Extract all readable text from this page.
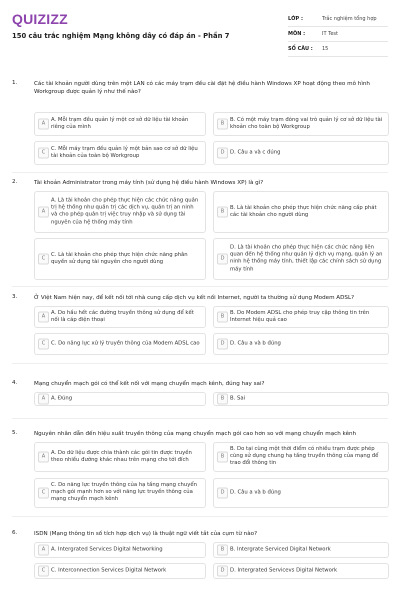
QUIZIZZ
150 câu trắc nghiệm Mạng không dây có đáp án - Phần 7
LỚP :	Trắc nghiệm tổng hợp
MÔN :	IT Test
SỐ CÂU :	15
1.	Các tài khoản người dùng trên một LAN có các máy trạm đều cài đặt hệ điều hành Windows XP hoạt động theo mô hình Workgroup được quản lý như thế nào?
A
A. Mỗi trạm đều quản lý một cơ sở dữ liệu tài khoản riêng của mình
B
B. Có một máy trạm đóng vai trò quản lý cơ sở dữ liệu tài khoản cho toàn bộ Workgroup
C
C. Mỗi máy trạm đều quản lý một bản sao cơ sở dữ liệu tài khoản của toàn bộ Workgroup
D	D. Câu a và c đúng
2.	Tài khoản Administrator trong máy tính (sử dụng hệ điều hành Windows XP) là gì?
A
A. Là tài khoản cho phép thực hiện các chức năng quản trị hệ thống như quản trị các dịch vụ, quản trị an ninh và cho phép quản trị việc truy nhập và sử dụng tài nguyên của hệ thống máy tính
B
B. Là tài khoản cho phép thực hiện chức năng cấp phát các tài khoản cho người dùng
C
C. Là tài khoản cho phép thực hiện chức năng phân quyền sử dụng tài nguyên cho người dùng
D
D. Là tài khoản cho phép thực hiện các chức năng liên quan đến hệ thống như quản lý dịch vụ mạng, quản lý an ninh hệ thống máy tính, thiết lập các chính sách sử dụng máy tính
3.	Ở Việt Nam hiện nay, để kết nối tới nhà cung cấp dịch vụ kết nối Internet, người ta thường sử dụng Modem ADSL?
A
A. Do hầu hết các đường truyền thông sử dụng để kết nối là cáp điện thoại
B
B. Do Modem ADSL cho phép truy cập thông tin trên Internet hiệu quả cao
C	C. Do năng lực xử lý truyền thông của Modem ADSL cao	D	D. Câu a và b đúng
4.	Mạng chuyển mạch gói có thể kết nối với mạng chuyển mạch kênh, đúng hay sai?
A	A. Đúng	B	B. Sai
5.	Nguyên nhân dẫn đến hiệu suất truyền thông của mạng chuyển mạch gói cao hơn so với mạng chuyển mạch kênh
A
A. Do dữ liệu được chia thành các gói tin được truyền theo nhiều đường khác nhau trên mạng cho tới đích
B
B. Do tại cùng một thời điểm có nhiều trạm được phép cùng sử dụng chung hạ tầng truyền thông của mạng để trao đổi thông tin
C
C. Do năng lực truyền thông của hạ tầng mạng chuyển mạch gói mạnh hơn so với năng lực truyền thông của mạng chuyển mạch kênh
D	D. Câu a và b đúng
6.	ISDN (Mạng thông tin số tích hợp dịch vụ) là thuật ngữ viết tắt của cụm từ nào?
A	A. Intergrated Services Digital Networking	B	B. Intergrate Serviced Digital Network
C	C. Interconnection Services Digital Network	D	D. Intergrated Servicevs Digital Network
